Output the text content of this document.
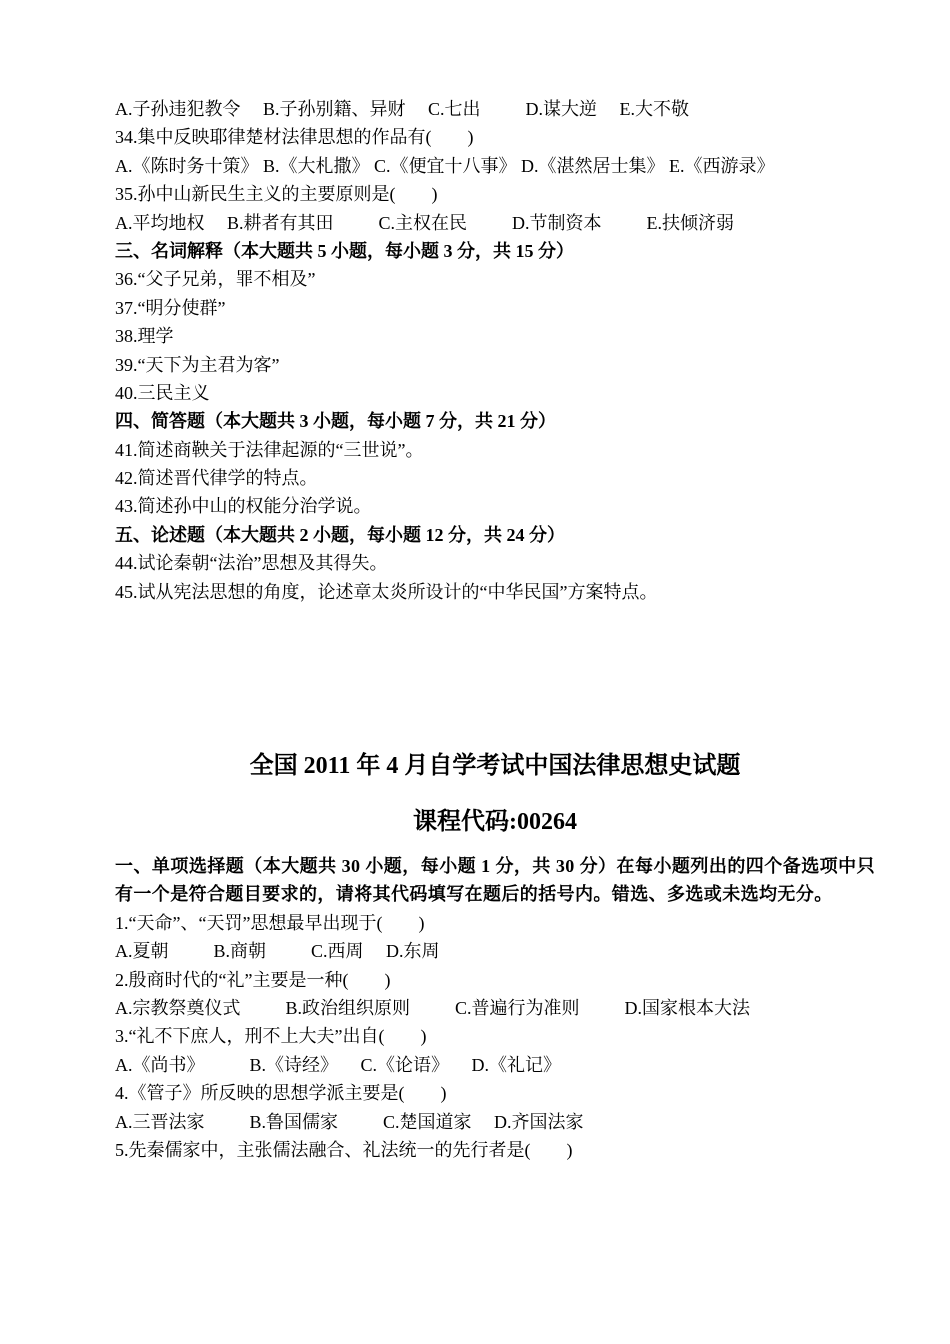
A.子孙违犯教令 　B.子孙别籍、异财 　C.七出 　 　D.谋大逆 　E.大不敬
34.集中反映耶律楚材法律思想的作品有(　　)
A.《陈时务十策》 B.《大札撒》 C.《便宜十八事》 D.《湛然居士集》 E.《西游录》
35.孙中山新民生主义的主要原则是(　　)
A.平均地权 　B.耕者有其田 　 　C.主权在民 　 　D.节制资本 　 　E.扶倾济弱
三、名词解释（本大题共 5 小题，每小题 3 分，共 15 分）
36.“父子兄弟，罪不相及”
37.“明分使群”
38.理学
39.“天下为主君为客”
40.三民主义
四、简答题（本大题共 3 小题，每小题 7 分，共 21 分）
41.简述商鞅关于法律起源的“三世说”。
42.简述晋代律学的特点。
43.简述孙中山的权能分治学说。
五、论述题（本大题共 2 小题，每小题 12 分，共 24 分）
44.试论秦朝“法治”思想及其得失。
45.试从宪法思想的角度，论述章太炎所设计的“中华民国”方案特点。
全国 2011 年 4 月自学考试中国法律思想史试题
课程代码:00264
一、单项选择题（本大题共 30 小题，每小题 1 分，共 30 分）在每小题列出的四个备选项中只有一个是符合题目要求的，请将其代码填写在题后的括号内。错选、多选或未选均无分。
1.“天命”、“天罚”思想最早出现于(　　)
A.夏朝 　 　B.商朝 　 　C.西周 　D.东周
2.殷商时代的“礼”主要是一种(　　)
A.宗教祭奠仪式 　 　B.政治组织原则 　 　C.普遍行为准则 　 　D.国家根本大法
3.“礼不下庶人，刑不上大夫”出自(　　)
A.《尚书》 　 　B.《诗经》 　C.《论语》 　D.《礼记》
4.《管子》所反映的思想学派主要是(　　)
A.三晋法家 　 　B.鲁国儒家 　 　C.楚国道家 　D.齐国法家
5.先秦儒家中，主张儒法融合、礼法统一的先行者是(　　)
